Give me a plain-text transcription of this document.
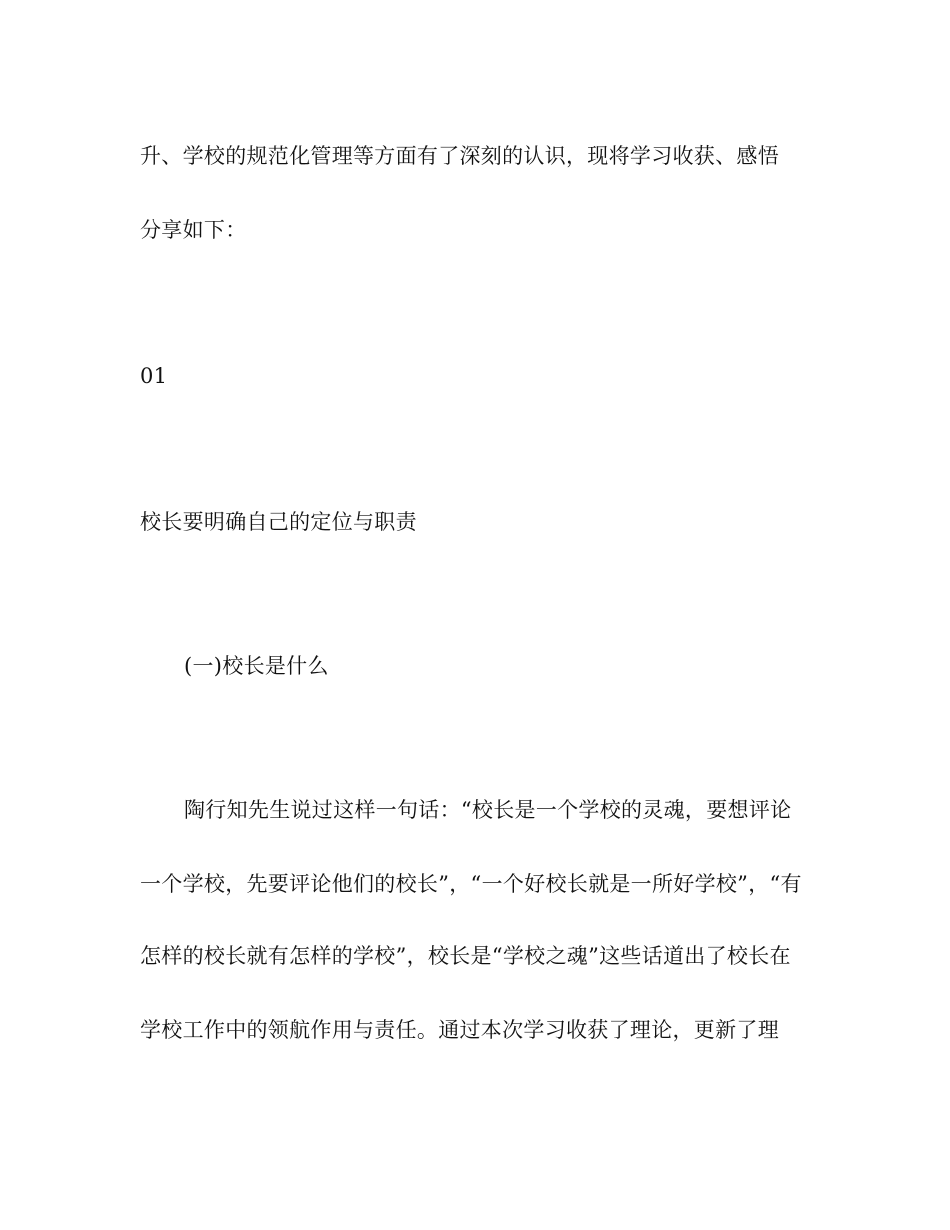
升、学校的规范化管理等方面有了深刻的认识，现将学习收获、感悟
分享如下：
01
校长要明确自己的定位与职责
(一)校长是什么
陶行知先生说过这样一句话：“校长是一个学校的灵魂，要想评论
一个学校，先要评论他们的校长”，“一个好校长就是一所好学校”，“有
怎样的校长就有怎样的学校”，校长是“学校之魂”这些话道出了校长在
学校工作中的领航作用与责任。通过本次学习收获了理论，更新了理
